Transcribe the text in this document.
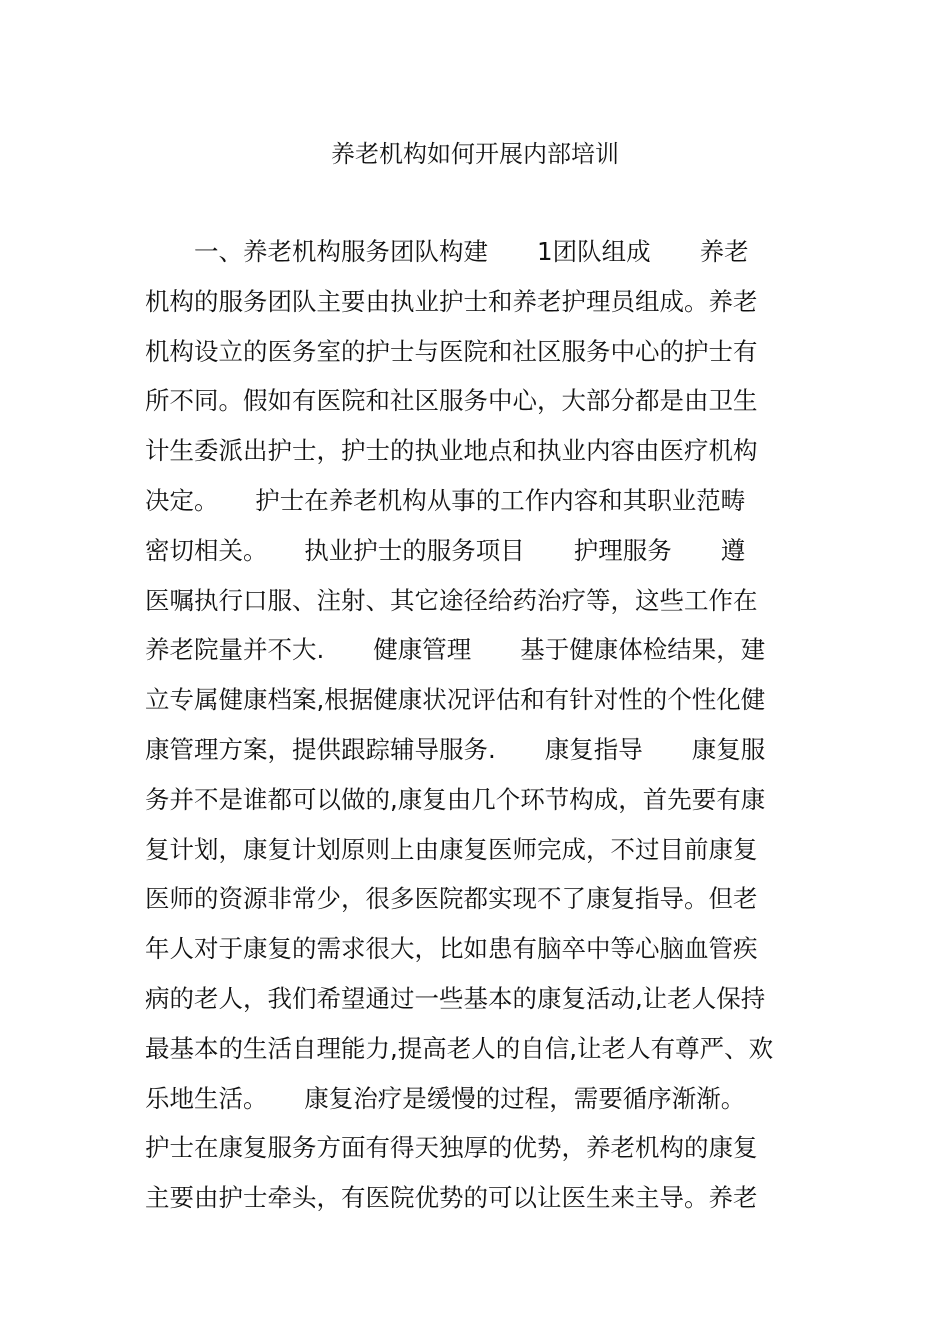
养老机构如何开展内部培训
　　一、养老机构服务团队构建　　1团队组成　　养老
机构的服务团队主要由执业护士和养老护理员组成。养老
机构设立的医务室的护士与医院和社区服务中心的护士有
所不同。假如有医院和社区服务中心，大部分都是由卫生
计生委派出护士，护士的执业地点和执业内容由医疗机构
决定。　　护士在养老机构从事的工作内容和其职业范畴
密切相关。　　执业护士的服务项目　　护理服务　　遵
医嘱执行口服、注射、其它途径给药治疗等，这些工作在
养老院量并不大.　　健康管理　　基于健康体检结果，建
立专属健康档案,根据健康状况评估和有针对性的个性化健
康管理方案，提供跟踪辅导服务.　　康复指导　　康复服
务并不是谁都可以做的,康复由几个环节构成，首先要有康
复计划，康复计划原则上由康复医师完成，不过目前康复
医师的资源非常少，很多医院都实现不了康复指导。但老
年人对于康复的需求很大，比如患有脑卒中等心脑血管疾
病的老人，我们希望通过一些基本的康复活动,让老人保持
最基本的生活自理能力,提高老人的自信,让老人有尊严、欢
乐地生活。　　康复治疗是缓慢的过程，需要循序渐渐。
护士在康复服务方面有得天独厚的优势，养老机构的康复
主要由护士牵头，有医院优势的可以让医生来主导。养老
